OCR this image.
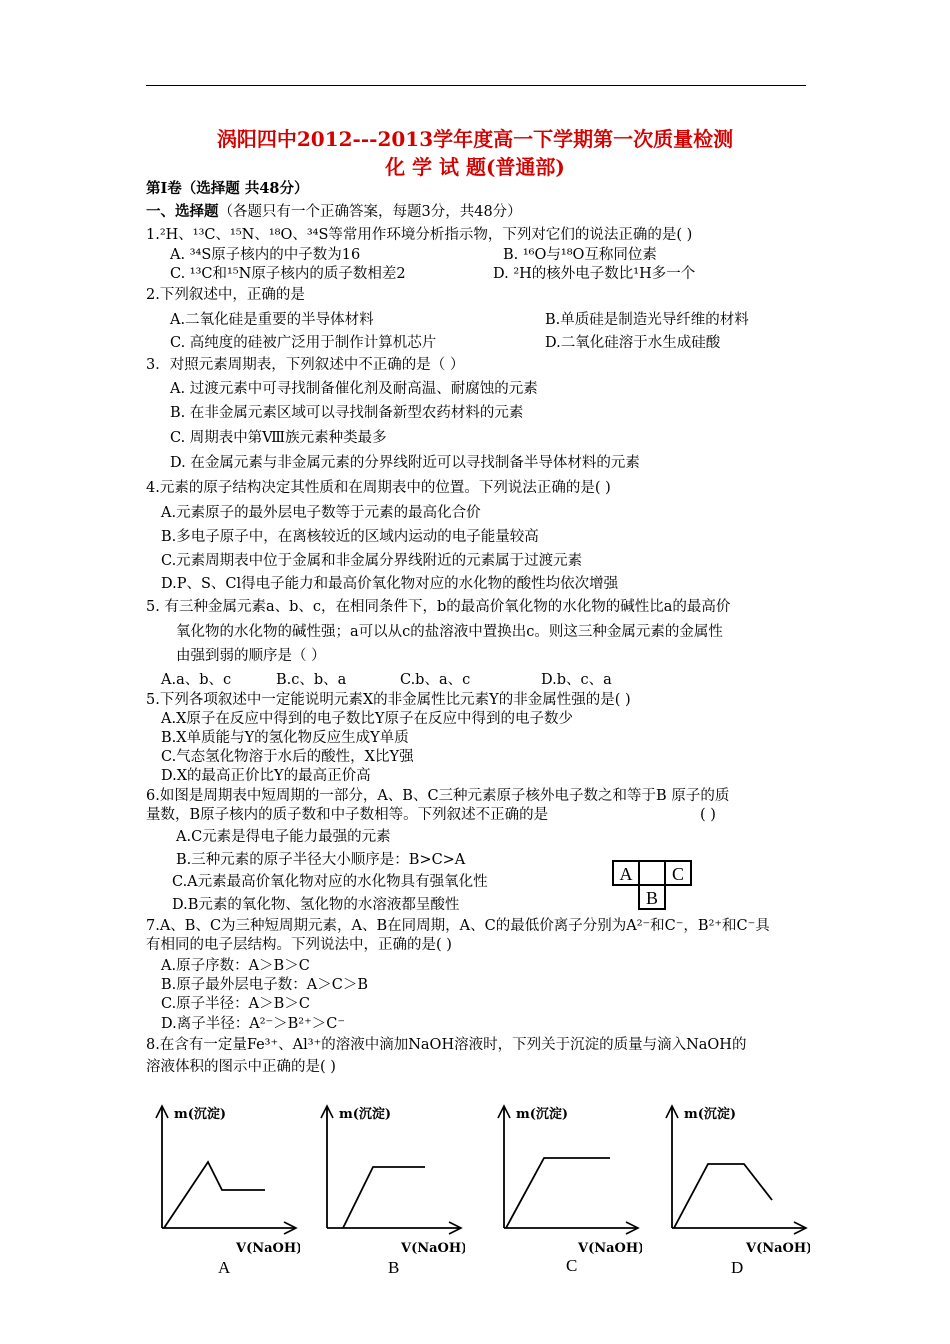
涡阳四中2012---2013学年度高一下学期第一次质量检测
化 学 试 题(普通部)
第Ⅰ卷（选择题 共48分）
一、选择题（各题只有一个正确答案，每题3分，共48分）
1.²H、¹³C、¹⁵N、¹⁸O、³⁴S等常用作环境分析指示物，下列对它们的说法正确的是( )
A. ³⁴S原子核内的中子数为16	B. ¹⁶O与¹⁸O互称同位素
C. ¹³C和¹⁵N原子核内的质子数相差2	D. ²H的核外电子数比¹H多一个
2.下列叙述中，正确的是
A.二氧化硅是重要的半导体材料	B.单质硅是制造光导纤维的材料
C. 高纯度的硅被广泛用于制作计算机芯片	D.二氧化硅溶于水生成硅酸
3．对照元素周期表，下列叙述中不正确的是（ ）
A. 过渡元素中可寻找制备催化剂及耐高温、耐腐蚀的元素
B. 在非金属元素区域可以寻找制备新型农药材料的元素
C. 周期表中第Ⅷ族元素种类最多
D. 在金属元素与非金属元素的分界线附近可以寻找制备半导体材料的元素
4.元素的原子结构决定其性质和在周期表中的位置。下列说法正确的是( )
A.元素原子的最外层电子数等于元素的最高化合价
B.多电子原子中，在离核较近的区域内运动的电子能量较高
C.元素周期表中位于金属和非金属分界线附近的元素属于过渡元素
D.P、S、Cl得电子能力和最高价氧化物对应的水化物的酸性均依次增强
5. 有三种金属元素a、b、c，在相同条件下，b的最高价氧化物的水化物的碱性比a的最高价
氧化物的水化物的碱性强；a可以从c的盐溶液中置换出c。则这三种金属元素的金属性
由强到弱的顺序是（ ）
A.a、b、c	B.c、b、a	C.b、a、c	D.b、c、a
5.下列各项叙述中一定能说明元素X的非金属性比元素Y的非金属性强的是( )
A.X原子在反应中得到的电子数比Y原子在反应中得到的电子数少
B.X单质能与Y的氢化物反应生成Y单质
C.气态氢化物溶于水后的酸性，X比Y强
D.X的最高正价比Y的最高正价高
6.如图是周期表中短周期的一部分，A、B、C三种元素原子核外电子数之和等于B 原子的质
量数，B原子核内的质子数和中子数相等。下列叙述不正确的是	( )
A.C元素是得电子能力最强的元素
B.三种元素的原子半径大小顺序是：B>C>A
C.A元素最高价氧化物对应的水化物具有强氧化性
D.B元素的氧化物、氢化物的水溶液都呈酸性
A C
B
7.A、B、C为三种短周期元素，A、B在同周期，A、C的最低价离子分别为A²⁻和C⁻，B²⁺和C⁻具
有相同的电子层结构。下列说法中，正确的是( )
A.原子序数：A＞B＞C
B.原子最外层电子数：A＞C＞B
C.原子半径：A＞B＞C
D.离子半径：A²⁻＞B²⁺＞C⁻
8.在含有一定量Fe³⁺、Al³⁺的溶液中滴加NaOH溶液时，下列关于沉淀的质量与滴入NaOH的
溶液体积的图示中正确的是( )
m(沉淀)
V(NaOH)
m(沉淀)
V(NaOH)
m(沉淀)
V(NaOH)
m(沉淀)
V(NaOH)
A	B	C	D
